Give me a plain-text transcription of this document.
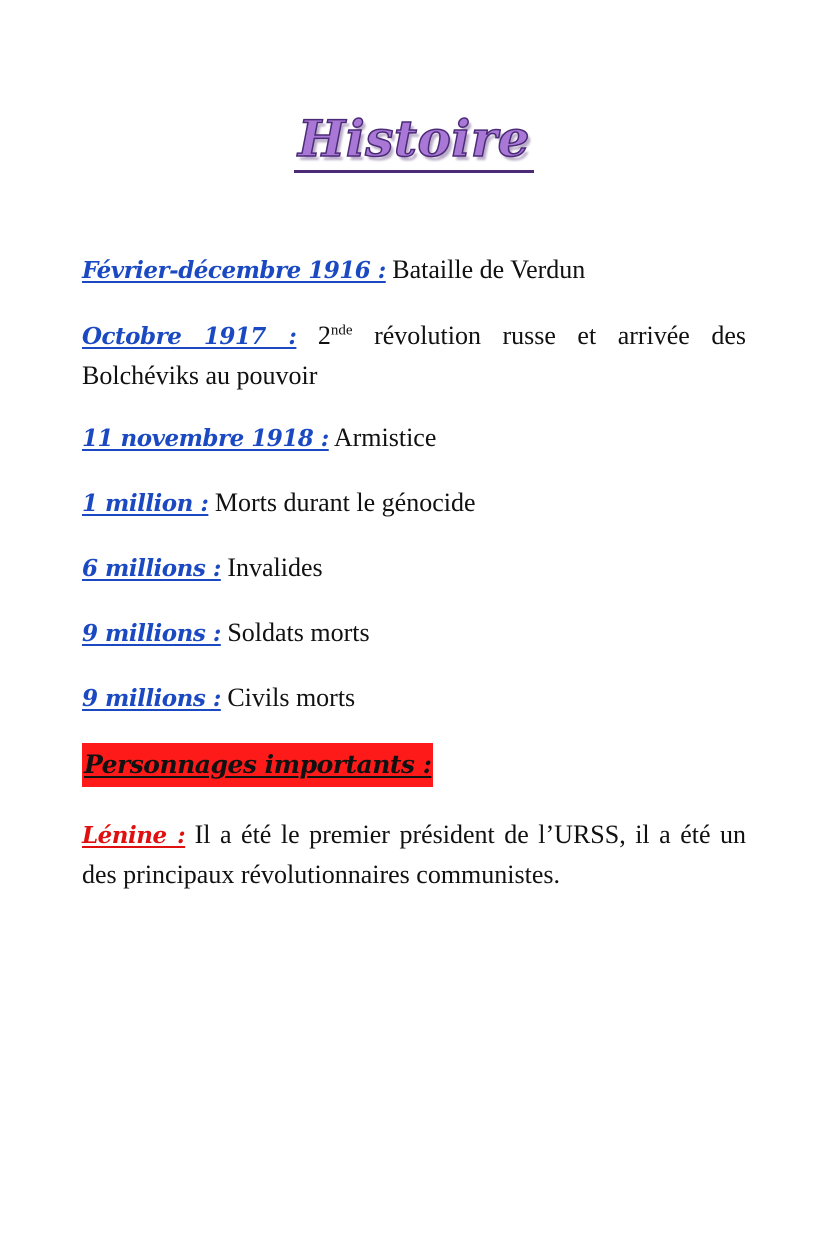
Histoire

Février-décembre 1916 : Bataille de Verdun

Octobre 1917 : 2nde révolution russe et arrivée des Bolchéviks au pouvoir

11 novembre 1918 : Armistice

1 million : Morts durant le génocide

6 millions : Invalides

9 millions : Soldats morts

9 millions : Civils morts

Personnages importants :

Lénine : Il a été le premier président de l’URSS, il a été un des principaux révolutionnaires communistes.
